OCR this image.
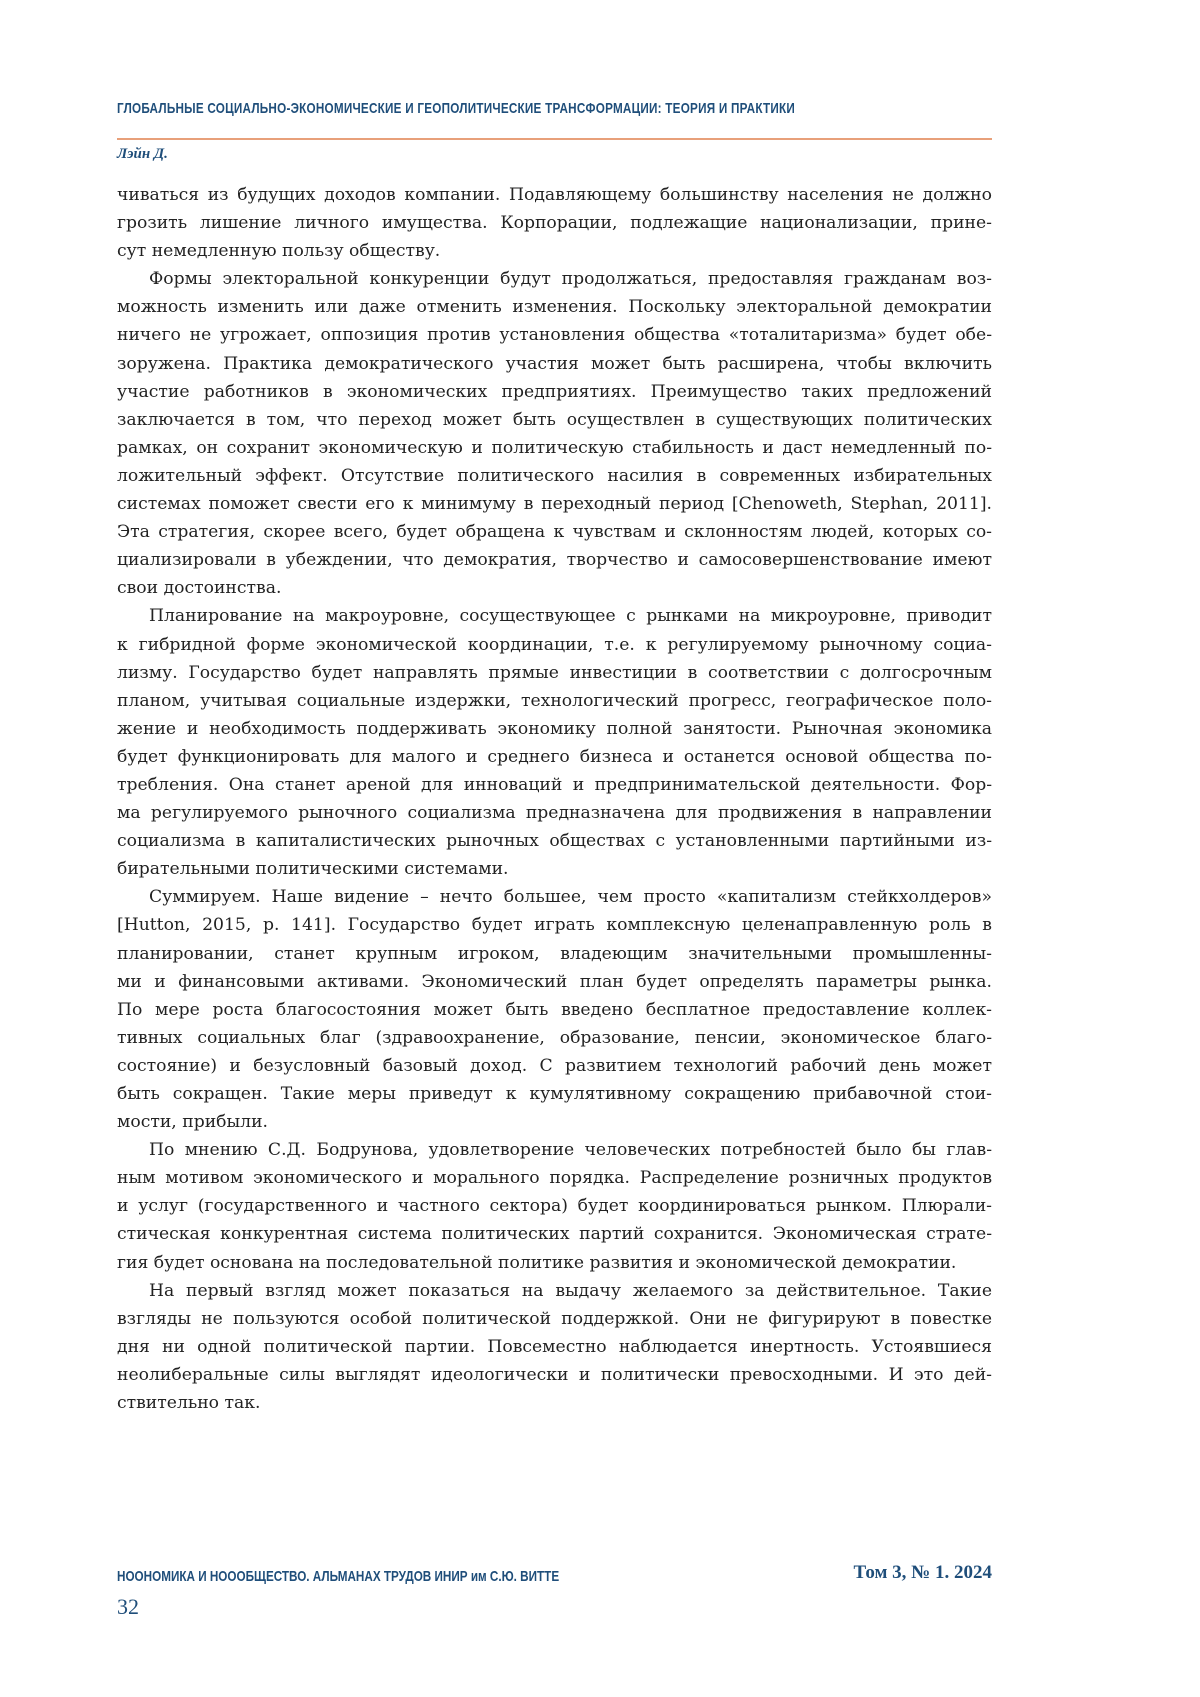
ГЛОБАЛЬНЫЕ СОЦИАЛЬНО-ЭКОНОМИЧЕСКИЕ И ГЕОПОЛИТИЧЕСКИЕ ТРАНСФОРМАЦИИ: ТЕОРИЯ И ПРАКТИКИ
Лэйн Д.
чиваться из будущих доходов компании. Подавляющему большинству населения не должно
грозить лишение личного имущества. Корпорации, подлежащие национализации, прине-
сут немедленную пользу обществу.
Формы электоральной конкуренции будут продолжаться, предоставляя гражданам воз-
можность изменить или даже отменить изменения. Поскольку электоральной демократии
ничего не угрожает, оппозиция против установления общества «тоталитаризма» будет обе-
зоружена. Практика демократического участия может быть расширена, чтобы включить
участие работников в экономических предприятиях. Преимущество таких предложений
заключается в том, что переход может быть осуществлен в существующих политических
рамках, он сохранит экономическую и политическую стабильность и даст немедленный по-
ложительный эффект. Отсутствие политического насилия в современных избирательных
системах поможет свести его к минимуму в переходный период [Chenoweth, Stephan, 2011].
Эта стратегия, скорее всего, будет обращена к чувствам и склонностям людей, которых со-
циализировали в убеждении, что демократия, творчество и самосовершенствование имеют
свои достоинства.
Планирование на макроуровне, сосуществующее с рынками на микроуровне, приводит
к гибридной форме экономической координации, т.е. к регулируемому рыночному социа-
лизму. Государство будет направлять прямые инвестиции в соответствии с долгосрочным
планом, учитывая социальные издержки, технологический прогресс, географическое поло-
жение и необходимость поддерживать экономику полной занятости. Рыночная экономика
будет функционировать для малого и среднего бизнеса и останется основой общества по-
требления. Она станет ареной для инноваций и предпринимательской деятельности. Фор-
ма регулируемого рыночного социализма предназначена для продвижения в направлении
социализма в капиталистических рыночных обществах с установленными партийными из-
бирательными политическими системами.
Суммируем. Наше видение – нечто большее, чем просто «капитализм стейкхолдеров»
[Hutton, 2015, p. 141]. Государство будет играть комплексную целенаправленную роль в
планировании, станет крупным игроком, владеющим значительными промышленны-
ми и финансовыми активами. Экономический план будет определять параметры рынка.
По мере роста благосостояния может быть введено бесплатное предоставление коллек-
тивных социальных благ (здравоохранение, образование, пенсии, экономическое благо-
состояние) и безусловный базовый доход. С развитием технологий рабочий день может
быть сокращен. Такие меры приведут к кумулятивному сокращению прибавочной стои-
мости, прибыли.
По мнению С.Д. Бодрунова, удовлетворение человеческих потребностей было бы глав-
ным мотивом экономического и морального порядка. Распределение розничных продуктов
и услуг (государственного и частного сектора) будет координироваться рынком. Плюрали-
стическая конкурентная система политических партий сохранится. Экономическая страте-
гия будет основана на последовательной политике развития и экономической демократии.
На первый взгляд может показаться на выдачу желаемого за действительное. Такие
взгляды не пользуются особой политической поддержкой. Они не фигурируют в повестке
дня ни одной политической партии. Повсеместно наблюдается инертность. Устоявшиеся
неолиберальные силы выглядят идеологически и политически превосходными. И это дей-
ствительно так.
НООНОМИКА И НОООБЩЕСТВО. АЛЬМАНАХ ТРУДОВ ИНИР им С.Ю. ВИТТЕ	Том 3, № 1. 2024
32
